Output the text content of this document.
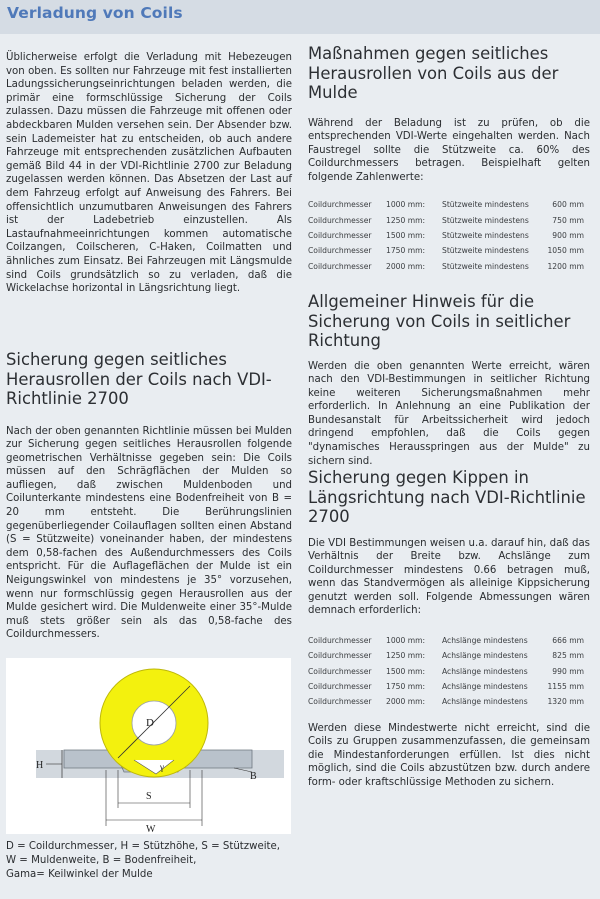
Verladung von Coils

Üblicherweise erfolgt die Verladung mit Hebezeugen von oben. Es sollten nur Fahrzeuge mit fest installierten Ladungssicherungseinrichtungen beladen werden, die primär eine formschlüssige Sicherung der Coils zulassen. Dazu müssen die Fahrzeuge mit offenen oder abdeckbaren Mulden versehen sein. Der Absender bzw. sein Lademeister hat zu entscheiden, ob auch andere Fahrzeuge mit entsprechenden zusätzlichen Aufbauten gemäß Bild 44 in der VDI-Richtlinie 2700 zur Beladung zugelassen werden können. Das Absetzen der Last auf dem Fahrzeug erfolgt auf Anweisung des Fahrers. Bei offensichtlich unzumutbaren Anweisungen des Fahrers ist der Ladebetrieb einzustellen. Als Lastaufnahmeeinrichtungen kommen automatische Coilzangen, Coilscheren, C-Haken, Coilmatten und ähnliches zum Einsatz. Bei Fahrzeugen mit Längsmulde sind Coils grundsätzlich so zu verladen, daß die Wickelachse horizontal in Längsrichtung liegt.

Sicherung gegen seitliches Herausrollen der Coils nach VDI-Richtlinie 2700

Nach der oben genannten Richtlinie müssen bei Mulden zur Sicherung gegen seitliches Herausrollen folgende geometrischen Verhältnisse gegeben sein: Die Coils müssen auf den Schrägflächen der Mulden so aufliegen, daß zwischen Muldenboden und Coilunterkante mindestens eine Bodenfreiheit von B = 20 mm entsteht. Die Berührungslinien gegenüberliegender Coilauflagen sollten einen Abstand (S = Stützweite) voneinander haben, der mindestens dem 0,58-fachen des Außendurchmessers des Coils entspricht. Für die Auflageflächen der Mulde ist ein Neigungswinkel von mindestens je 35° vorzusehen, wenn nur formschlüssig gegen Herausrollen aus der Mulde gesichert wird. Die Muldenweite einer 35°-Mulde muß stets größer sein als das 0,58-fache des Coildurchmessers.

D
γ
H
B
S
W
D = Coildurchmesser, H = Stützhöhe, S = Stützweite,
W = Muldenweite, B = Bodenfreiheit,
Gama= Keilwinkel der Mulde
Maßnahmen gegen seitliches Herausrollen von Coils aus der Mulde

Während der Beladung ist zu prüfen, ob die entsprechenden VDI-Werte eingehalten werden. Nach Faustregel sollte die Stützweite ca. 60% des Coildurchmessers betragen. Beispielhaft gelten folgende Zahlenwerte:

Coildurchmesser	1000 mm:	Stützweite mindestens	600 mm
Coildurchmesser	1250 mm:	Stützweite mindestens	750 mm
Coildurchmesser	1500 mm:	Stützweite mindestens	900 mm
Coildurchmesser	1750 mm:	Stützweite mindestens	1050 mm
Coildurchmesser	2000 mm:	Stützweite mindestens	1200 mm
Allgemeiner Hinweis für die Sicherung von Coils in seitlicher Richtung

Werden die oben genannten Werte erreicht, wären nach den VDI-Bestimmungen in seitlicher Richtung keine weiteren Sicherungsmaßnahmen mehr erforderlich. In Anlehnung an eine Publikation der Bundesanstalt für Arbeitssicherheit wird jedoch dringend empfohlen, daß die Coils gegen "dynamisches Herausspringen aus der Mulde" zu sichern sind.

Sicherung gegen Kippen in Längsrichtung nach VDI-Richtlinie 2700

Die VDI Bestimmungen weisen u.a. darauf hin, daß das Verhältnis der Breite bzw. Achslänge zum Coildurchmesser mindestens 0.66 betragen muß, wenn das Standvermögen als alleinige Kippsicherung genutzt werden soll. Folgende Abmessungen wären demnach erforderlich:

Coildurchmesser	1000 mm:	Achslänge mindestens	666 mm
Coildurchmesser	1250 mm:	Achslänge mindestens	825 mm
Coildurchmesser	1500 mm:	Achslänge mindestens	990 mm
Coildurchmesser	1750 mm:	Achslänge mindestens	1155 mm
Coildurchmesser	2000 mm:	Achslänge mindestens	1320 mm

Werden diese Mindestwerte nicht erreicht, sind die Coils zu Gruppen zusammenzufassen, die gemeinsam die Mindestanforderungen erfüllen. Ist dies nicht möglich, sind die Coils abzustützen bzw. durch andere form- oder kraftschlüssige Methoden zu sichern.
